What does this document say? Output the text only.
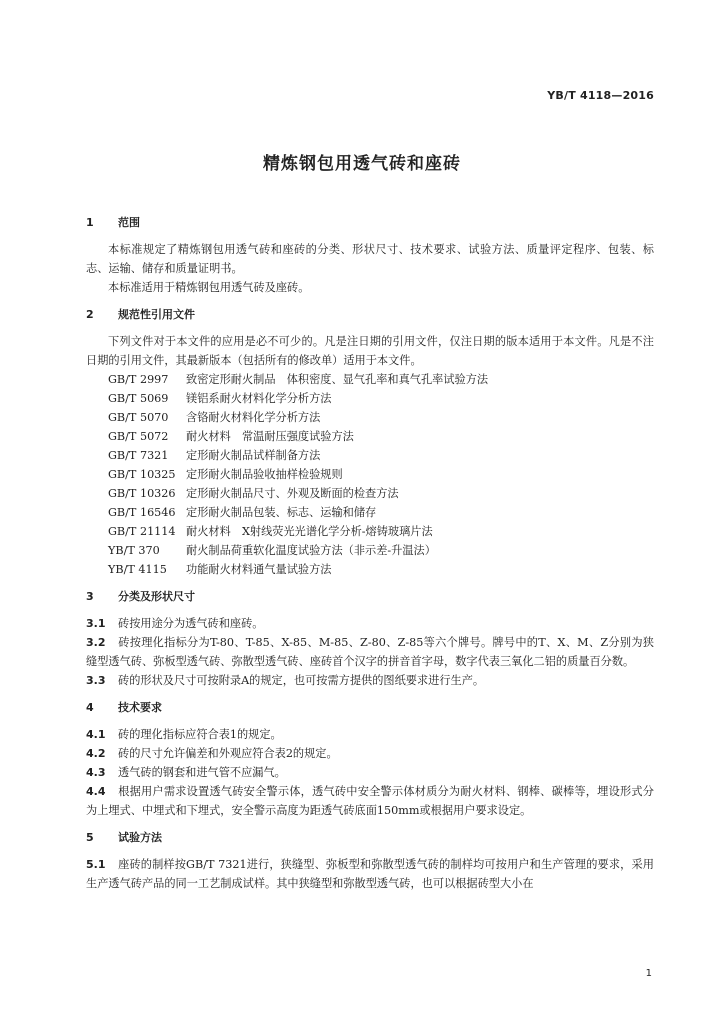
YB/T 4118—2016
精炼钢包用透气砖和座砖
1	范围

本标准规定了精炼钢包用透气砖和座砖的分类、形状尺寸、技术要求、试验方法、质量评定程序、包装、标志、运输、储存和质量证明书。

本标准适用于精炼钢包用透气砖及座砖。

2	规范性引用文件

下列文件对于本文件的应用是必不可少的。凡是注日期的引用文件，仅注日期的版本适用于本文件。凡是不注日期的引用文件，其最新版本（包括所有的修改单）适用于本文件。

GB/T 2997 致密定形耐火制品　体积密度、显气孔率和真气孔率试验方法
GB/T 5069 镁铝系耐火材料化学分析方法
GB/T 5070 含铬耐火材料化学分析方法
GB/T 5072 耐火材料　常温耐压强度试验方法
GB/T 7321 定形耐火制品试样制备方法
GB/T 10325 定形耐火制品验收抽样检验规则
GB/T 10326 定形耐火制品尺寸、外观及断面的检查方法
GB/T 16546 定形耐火制品包装、标志、运输和储存
GB/T 21114 耐火材料　X射线荧光光谱化学分析-熔铸玻璃片法
YB/T 370 耐火制品荷重软化温度试验方法（非示差-升温法）
YB/T 4115 功能耐火材料通气量试验方法
3	分类及形状尺寸

3.1 砖按用途分为透气砖和座砖。

3.2 砖按理化指标分为T-80、T-85、X-85、M-85、Z-80、Z-85等六个牌号。牌号中的T、X、M、Z分别为狭缝型透气砖、弥板型透气砖、弥散型透气砖、座砖首个汉字的拼音首字母，数字代表三氧化二铝的质量百分数。

3.3 砖的形状及尺寸可按附录A的规定，也可按需方提供的图纸要求进行生产。

4	技术要求

4.1 砖的理化指标应符合表1的规定。

4.2 砖的尺寸允许偏差和外观应符合表2的规定。

4.3 透气砖的钢套和进气管不应漏气。

4.4 根据用户需求设置透气砖安全警示体，透气砖中安全警示体材质分为耐火材料、钢棒、碳棒等，埋设形式分为上埋式、中埋式和下埋式，安全警示高度为距透气砖底面150mm或根据用户要求设定。

5	试验方法

5.1 座砖的制样按GB/T 7321进行，狭缝型、弥板型和弥散型透气砖的制样均可按用户和生产管理的要求，采用生产透气砖产品的同一工艺制成试样。其中狭缝型和弥散型透气砖，也可以根据砖型大小在

1
